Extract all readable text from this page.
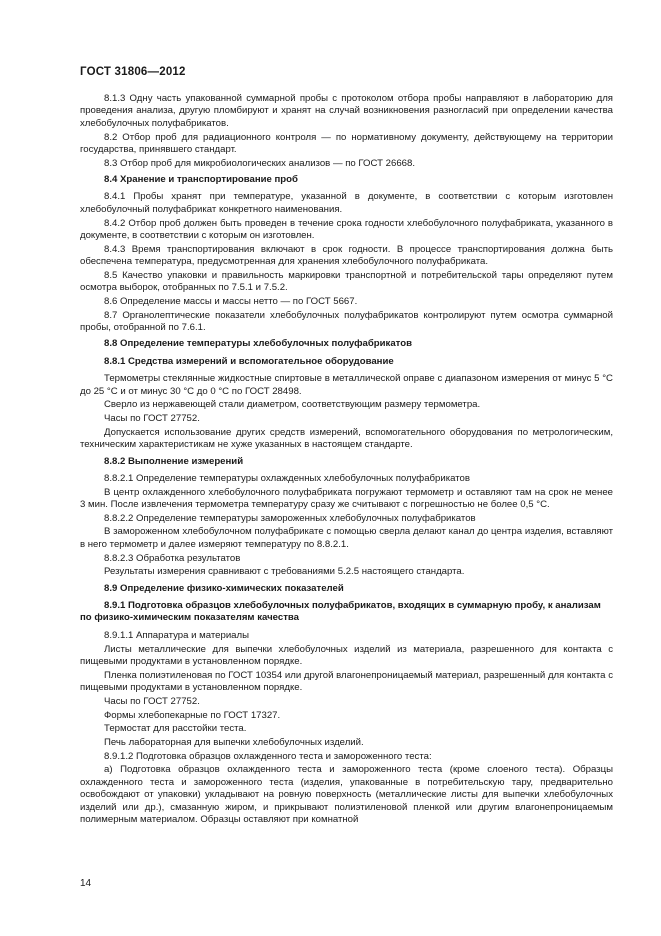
ГОСТ 31806—2012
8.1.3 Одну часть упакованной суммарной пробы с протоколом отбора пробы направляют в лабораторию для проведения анализа, другую пломбируют и хранят на случай возникновения разногласий при определении качества хлебобулочных полуфабрикатов.
8.2 Отбор проб для радиационного контроля — по нормативному документу, действующему на территории государства, принявшего стандарт.
8.3 Отбор проб для микробиологических анализов — по ГОСТ 26668.
8.4 Хранение и транспортирование проб
8.4.1 Пробы хранят при температуре, указанной в документе, в соответствии с которым изготовлен хлебобулочный полуфабрикат конкретного наименования.
8.4.2 Отбор проб должен быть проведен в течение срока годности хлебобулочного полуфабриката, указанного в документе, в соответствии с которым он изготовлен.
8.4.3 Время транспортирования включают в срок годности. В процессе транспортирования должна быть обеспечена температура, предусмотренная для хранения хлебобулочного полуфабриката.
8.5 Качество упаковки и правильность маркировки транспортной и потребительской тары определяют путем осмотра выборок, отобранных по 7.5.1 и 7.5.2.
8.6 Определение массы и массы нетто — по ГОСТ 5667.
8.7 Органолептические показатели хлебобулочных полуфабрикатов контролируют путем осмотра суммарной пробы, отобранной по 7.6.1.
8.8 Определение температуры хлебобулочных полуфабрикатов
8.8.1 Средства измерений и вспомогательное оборудование
Термометры стеклянные жидкостные спиртовые в металлической оправе с диапазоном измерения от минус 5 °С до 25 °С и от минус 30 °С до 0 °С по ГОСТ 28498.
Сверло из нержавеющей стали диаметром, соответствующим размеру термометра.
Часы по ГОСТ 27752.
Допускается использование других средств измерений, вспомогательного оборудования по метрологическим, техническим характеристикам не хуже указанных в настоящем стандарте.
8.8.2 Выполнение измерений
8.8.2.1 Определение температуры охлажденных хлебобулочных полуфабрикатов
В центр охлажденного хлебобулочного полуфабриката погружают термометр и оставляют там на срок не менее 3 мин. После извлечения термометра температуру сразу же считывают с погрешностью не более 0,5 °С.
8.8.2.2 Определение температуры замороженных хлебобулочных полуфабрикатов
В замороженном хлебобулочном полуфабрикате с помощью сверла делают канал до центра изделия, вставляют в него термометр и далее измеряют температуру по 8.8.2.1.
8.8.2.3 Обработка результатов
Результаты измерения сравнивают с требованиями 5.2.5 настоящего стандарта.
8.9 Определение физико-химических показателей
8.9.1 Подготовка образцов хлебобулочных полуфабрикатов, входящих в суммарную пробу, к анализам по физико-химическим показателям качества
8.9.1.1 Аппаратура и материалы
Листы металлические для выпечки хлебобулочных изделий из материала, разрешенного для контакта с пищевыми продуктами в установленном порядке.
Пленка полиэтиленовая по ГОСТ 10354 или другой влагонепроницаемый материал, разрешенный для контакта с пищевыми продуктами в установленном порядке.
Часы по ГОСТ 27752.
Формы хлебопекарные по ГОСТ 17327.
Термостат для расстойки теста.
Печь лабораторная для выпечки хлебобулочных изделий.
8.9.1.2 Подготовка образцов охлажденного теста и замороженного теста:
а) Подготовка образцов охлажденного теста и замороженного теста (кроме слоеного теста). Образцы охлажденного теста и замороженного теста (изделия, упакованные в потребительскую тару, предварительно освобождают от упаковки) укладывают на ровную поверхность (металлические листы для выпечки хлебобулочных изделий или др.), смазанную жиром, и прикрывают полиэтиленовой пленкой или другим влагонепроницаемым полимерным материалом. Образцы оставляют при комнатной
14
